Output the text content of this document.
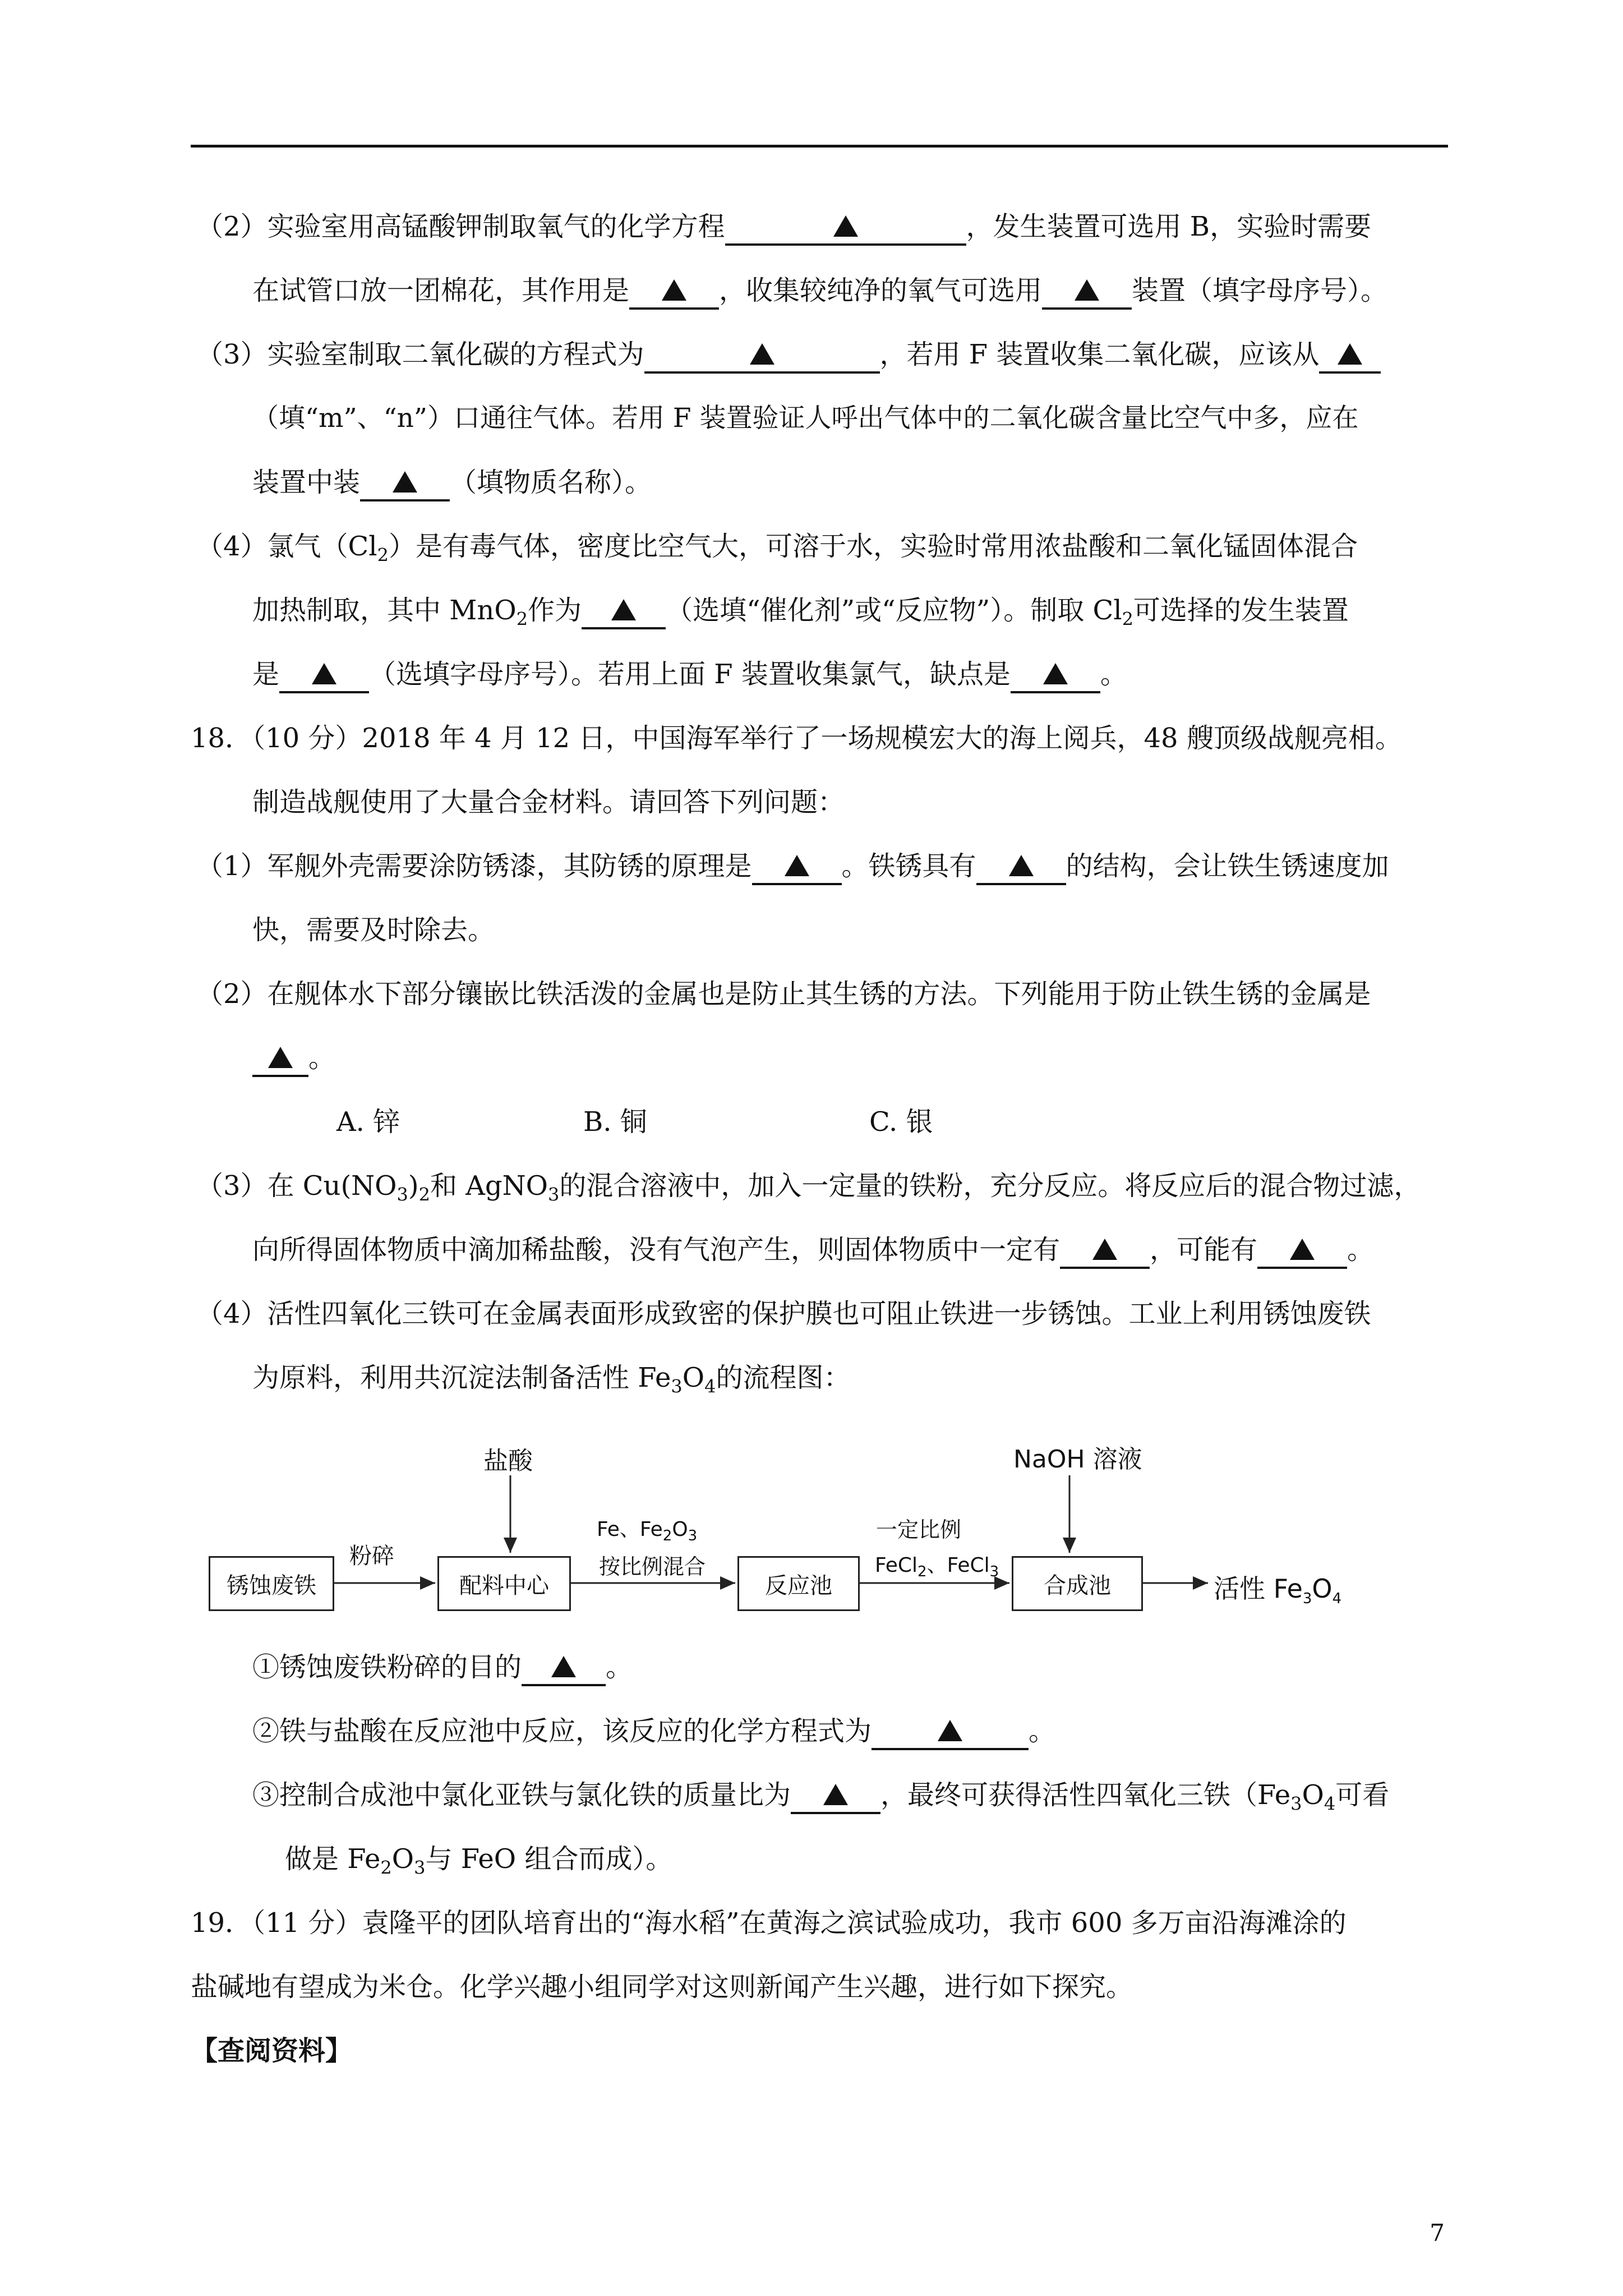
（2）实验室用高锰酸钾制取氧气的化学方程	，发生装置可选用 B，实验时需要
在试管口放一团棉花，其作用是	，收集较纯净的氧气可选用	装置（填字母序号）。
（3）实验室制取二氧化碳的方程式为	，若用 F 装置收集二氧化碳，应该从
（填“m”、“n”）口通往气体。若用 F 装置验证人呼出气体中的二氧化碳含量比空气中多，应在
装置中装	（填物质名称）。
（4）氯气$(Cl_2)$是有毒气体，密度比空气大，可溶于水，实验时常用浓盐酸和二氧化锰固体混合
加热制取，其中 MnO$_2$作为	（选填“催化剂”或“反应物”）。制取 $Cl_2$可选择的发生装置
是	（选填字母序号）。若用上面 F 装置收集氯气，缺点是	。
18．（10 分）2018 年 4 月 12 日，中国海军举行了一场规模宏大的海上阅兵，48 艘顶级战舰亮相。
制造战舰使用了大量合金材料。请回答下列问题：
（1）军舰外壳需要涂防锈漆，其防锈的原理是	。铁锈具有	的结构，会让铁生锈速度加
快，需要及时除去。
（2）在舰体水下部分镶嵌比铁活泼的金属也是防止其生锈的方法。下列能用于防止铁生锈的金属是
。
A. 锌	B. 铜	C. 银
（3）在 $Cu(NO_3)_2$和 AgNO$_3$的混合溶液中，加入一定量的铁粉，充分反应。将反应后的混合物过滤，
向所得固体物质中滴加稀盐酸，没有气泡产生，则固体物质中一定有	，可能有	。
（4）活性四氧化三铁可在金属表面形成致密的保护膜也可阻止铁进一步锈蚀。工业上利用锈蚀废铁
为原料，利用共沉淀法制备活性 $Fe_3O_4$的流程图：
锈蚀废铁	配料中心	反应池	合成池
粉碎
盐酸	NaOH 溶液
Fe、$Fe_2O_3$
按比例混合
一定比例
FeCl$_2$、FeCl$_3$
活性 $Fe_3O_4$
①锈蚀废铁粉碎的目的	。
②铁与盐酸在反应池中反应，该反应的化学方程式为	。
③控制合成池中氯化亚铁与氯化铁的质量比为	，最终可获得活性四氧化三铁（$Fe_3O_4$可看
做是 $Fe_2O_3$与 FeO 组合而成）。
19．（11 分）袁隆平的团队培育出的“海水稻”在黄海之滨试验成功，我市 600 多万亩沿海滩涂的
盐碱地有望成为米仓。化学兴趣小组同学对这则新闻产生兴趣，进行如下探究。
【查阅资料】
7
